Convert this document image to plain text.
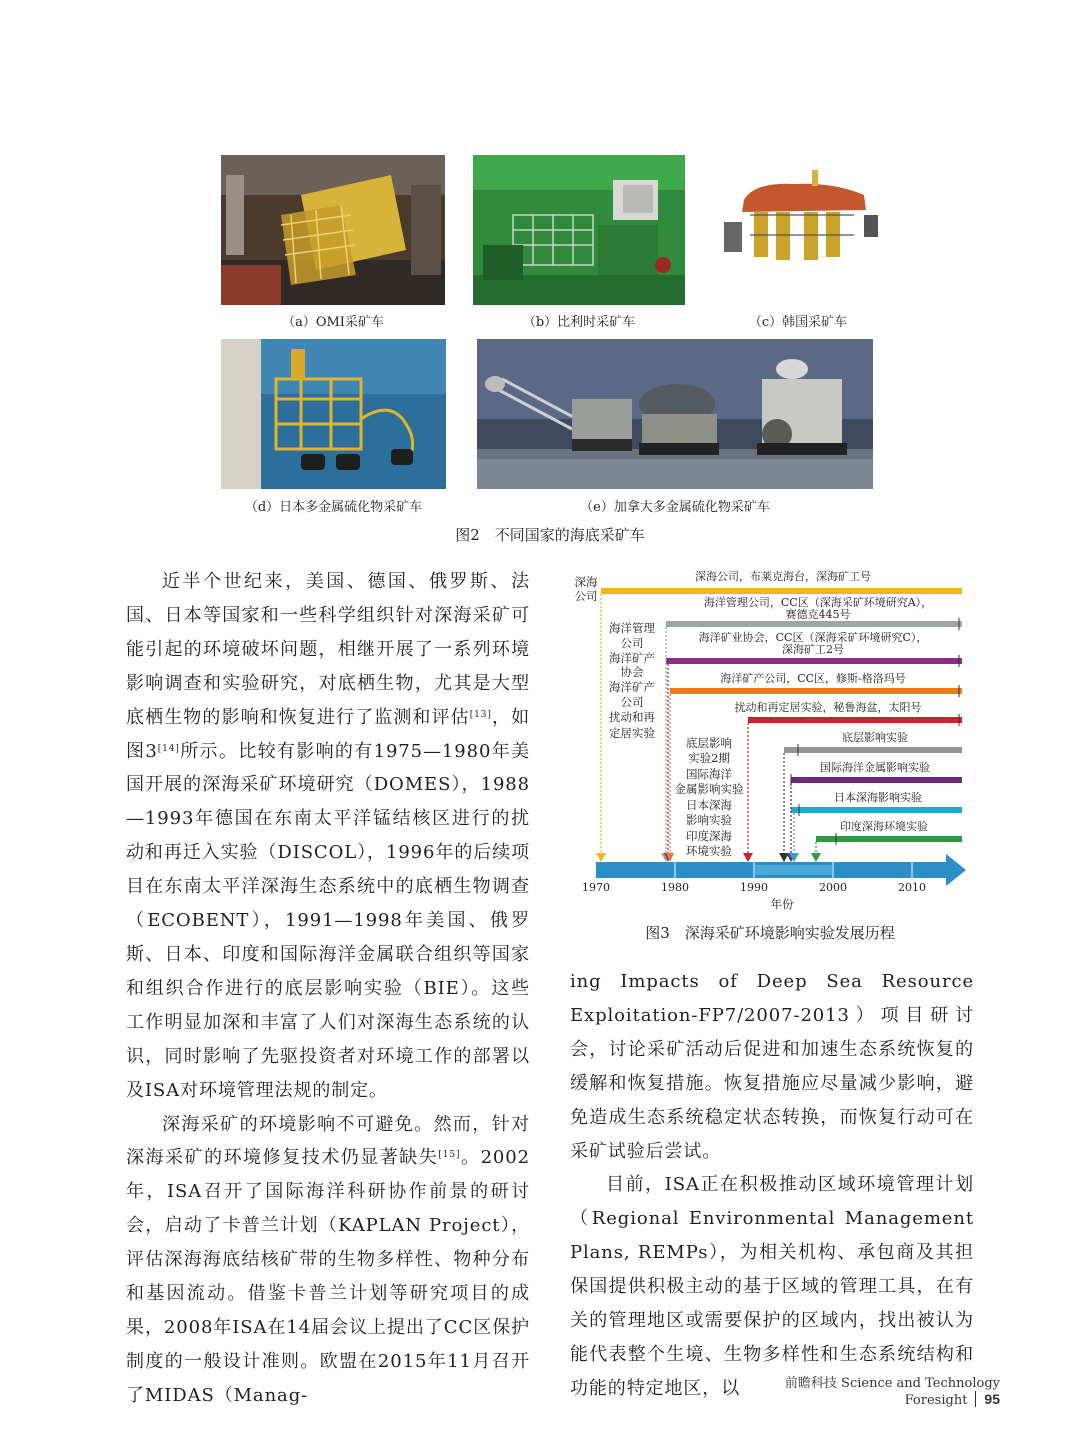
（a）OMI采矿车	（b）比利时采矿车	（c）韩国采矿车
（d）日本多金属硫化物采矿车	（e）加拿大多金属硫化物采矿车
图2　不同国家的海底采矿车
1970	1980	1990	2000	2010
年份
深海公司，布莱克海台，深海矿工号
海洋管理公司，CC区（深海采矿环境研究A），
赛德克445号
海洋矿业协会，CC区（深海采矿环境研究C），
深海矿工2号
海洋矿产公司，CC区，修斯-格洛玛号
扰动和再定居实验，秘鲁海盆，太阳号
底层影响实验
国际海洋金属影响实验
日本深海影响实验
印度深海环境实验
深海
公司
海洋管理
公司
海洋矿产
协会
海洋矿产
公司
扰动和再
定居实验
底层影响
实验2期
国际海洋
金属影响实验
日本深海
影响实验
印度深海
环境实验
图3　深海采矿环境影响实验发展历程

近半个世纪来，美国、德国、俄罗斯、法国、日本等国家和一些科学组织针对深海采矿可能引起的环境破坏问题，相继开展了一系列环境影响调查和实验研究，对底栖生物，尤其是大型底栖生物的影响和恢复进行了监测和评估[13]，如图3[14]所示。比较有影响的有1975—1980年美国开展的深海采矿环境研究（DOMES），1988—1993年德国在东南太平洋锰结核区进行的扰动和再迁入实验（DISCOL），1996年的后续项目在东南太平洋深海生态系统中的底栖生物调查（ECOBENT），1991—1998年美国、俄罗斯、日本、印度和国际海洋金属联合组织等国家和组织合作进行的底层影响实验（BIE）。这些工作明显加深和丰富了人们对深海生态系统的认识，同时影响了先驱投资者对环境工作的部署以及ISA对环境管理法规的制定。

深海采矿的环境影响不可避免。然而，针对深海采矿的环境修复技术仍显著缺失[15]。2002年，ISA召开了国际海洋科研协作前景的研讨会，启动了卡普兰计划（KAPLAN Project），评估深海海底结核矿带的生物多样性、物种分布和基因流动。借鉴卡普兰计划等研究项目的成果，2008年ISA在14届会议上提出了CC区保护制度的一般设计准则。欧盟在2015年11月召开了MIDAS（Manag-

ing Impacts of Deep Sea Resource Exploitation-FP7/2007-2013）项目研讨会，讨论采矿活动后促进和加速生态系统恢复的缓解和恢复措施。恢复措施应尽量减少影响，避免造成生态系统稳定状态转换，而恢复行动可在采矿试验后尝试。

目前，ISA正在积极推动区域环境管理计划（Regional Environmental Management Plans, REMPs），为相关机构、承包商及其担保国提供积极主动的基于区域的管理工具，在有关的管理地区或需要保护的区域内，找出被认为能代表整个生境、生物多样性和生态系统结构和功能的特定地区，以	前瞻科技 Science and Technology Foresight 95
